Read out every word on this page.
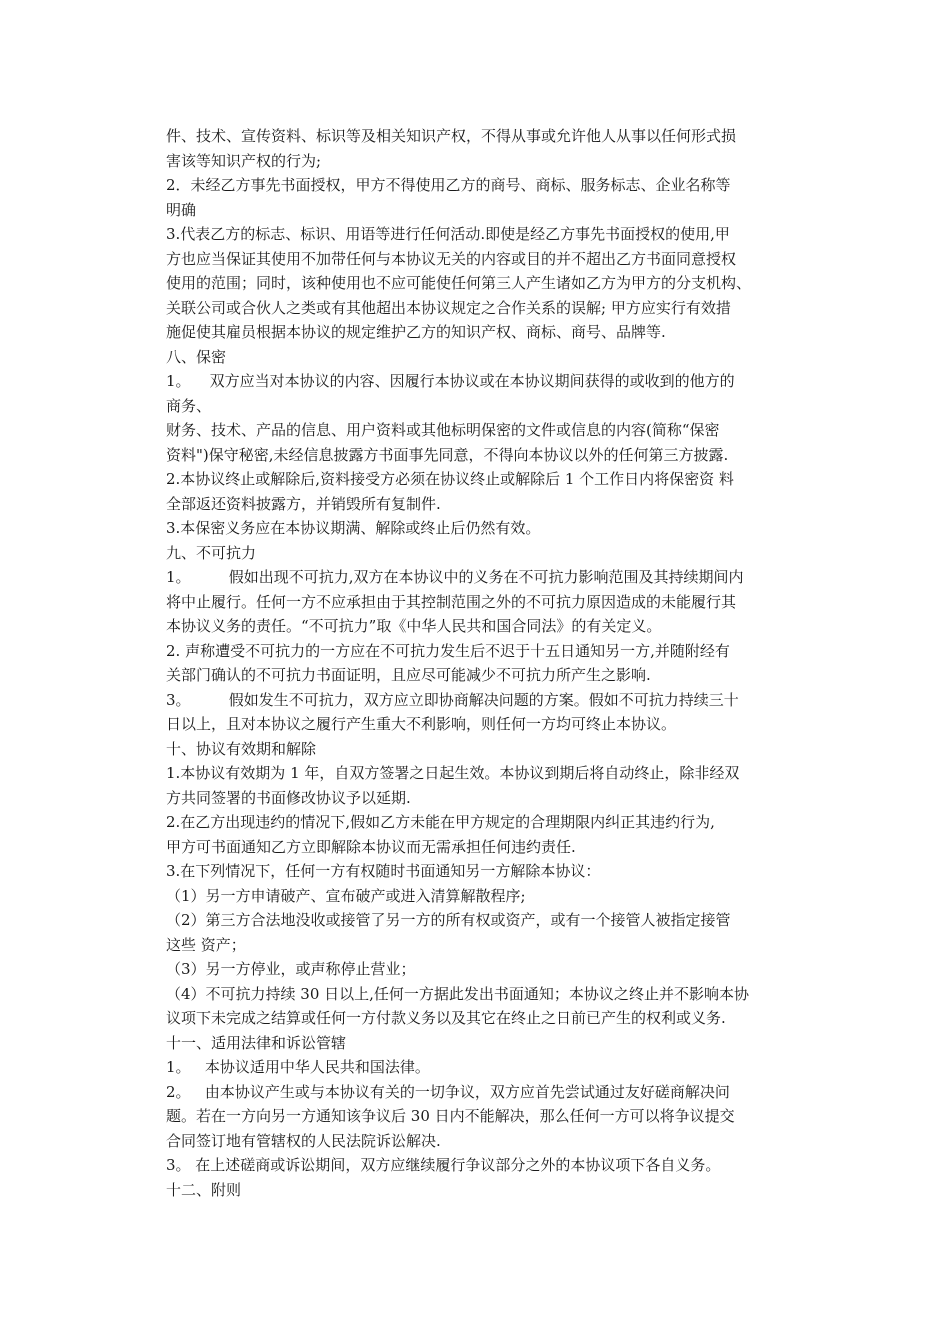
件、技术、宣传资料、标识等及相关知识产权，不得从事或允许他人从事以任何形式损
害该等知识产权的行为;
2．未经乙方事先书面授权，甲方不得使用乙方的商号、商标、服务标志、企业名称等
明确
3.代表乙方的标志、标识、用语等进行任何活动.即使是经乙方事先书面授权的使用,甲
方也应当保证其使用不加带任何与本协议无关的内容或目的并不超出乙方书面同意授权
使用的范围；同时，该种使用也不应可能使任何第三人产生诸如乙方为甲方的分支机构、
关联公司或合伙人之类或有其他超出本协议规定之合作关系的误解; 甲方应实行有效措
施促使其雇员根据本协议的规定维护乙方的知识产权、商标、商号、品牌等.
八、保密
1。    双方应当对本协议的内容、因履行本协议或在本协议期间获得的或收到的他方的
商务、
财务、技术、产品的信息、用户资料或其他标明保密的文件或信息的内容(简称“保密
资料")保守秘密,未经信息披露方书面事先同意，不得向本协议以外的任何第三方披露.
2.本协议终止或解除后,资料接受方必须在协议终止或解除后 1 个工作日内将保密资 料
全部返还资料披露方，并销毁所有复制件.
3.本保密义务应在本协议期满、解除或终止后仍然有效。
九、不可抗力
1。        假如出现不可抗力,双方在本协议中的义务在不可抗力影响范围及其持续期间内
将中止履行。任何一方不应承担由于其控制范围之外的不可抗力原因造成的未能履行其
本协议义务的责任。“不可抗力”取《中华人民共和国合同法》的有关定义。
2. 声称遭受不可抗力的一方应在不可抗力发生后不迟于十五日通知另一方,并随附经有
关部门确认的不可抗力书面证明，且应尽可能减少不可抗力所产生之影响.
3。        假如发生不可抗力，双方应立即协商解决问题的方案。假如不可抗力持续三十
日以上，且对本协议之履行产生重大不利影响，则任何一方均可终止本协议。
十、协议有效期和解除
1.本协议有效期为 1 年，自双方签署之日起生效。本协议到期后将自动终止，除非经双
方共同签署的书面修改协议予以延期.
2.在乙方出现违约的情况下,假如乙方未能在甲方规定的合理期限内纠正其违约行为,
甲方可书面通知乙方立即解除本协议而无需承担任何违约责任.
3.在下列情况下，任何一方有权随时书面通知另一方解除本协议：
（1）另一方申请破产、宣布破产或进入清算解散程序;
（2）第三方合法地没收或接管了另一方的所有权或资产，或有一个接管人被指定接管
这些 资产；
（3）另一方停业，或声称停止营业；
（4）不可抗力持续 30 日以上,任何一方据此发出书面通知；本协议之终止并不影响本协
议项下未完成之结算或任何一方付款义务以及其它在终止之日前已产生的权利或义务.
十一、适用法律和诉讼管辖
1。   本协议适用中华人民共和国法律。
2。   由本协议产生或与本协议有关的一切争议，双方应首先尝试通过友好磋商解决问
题。若在一方向另一方通知该争议后 30 日内不能解决，那么任何一方可以将争议提交
合同签订地有管辖权的人民法院诉讼解决.
3。 在上述磋商或诉讼期间，双方应继续履行争议部分之外的本协议项下各自义务。
十二、附则
